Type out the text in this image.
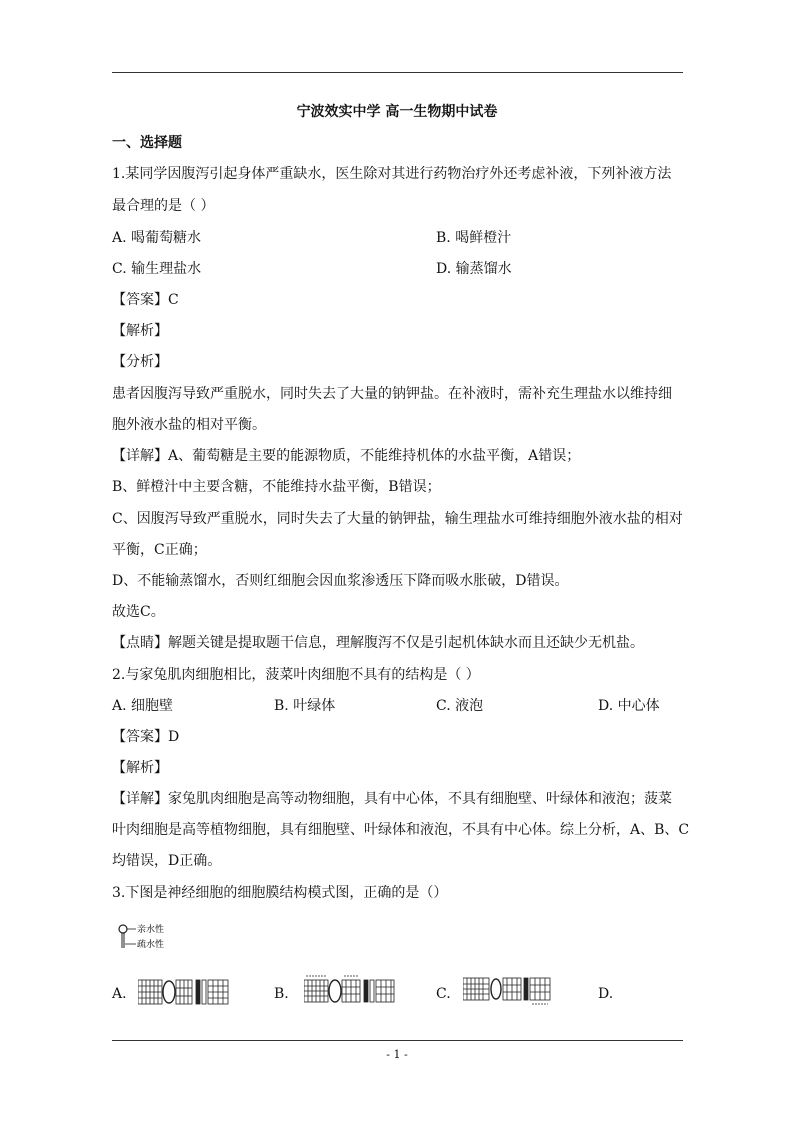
宁波效实中学 高一生物期中试卷
一、选择题
1.某同学因腹泻引起身体严重缺水，医生除对其进行药物治疗外还考虑补液，下列补液方法
最合理的是（ ）
A. 喝葡萄糖水	B. 喝鲜橙汁
C. 输生理盐水	D. 输蒸馏水
【答案】C
【解析】
【分析】
患者因腹泻导致严重脱水，同时失去了大量的钠钾盐。在补液时，需补充生理盐水以维持细
胞外液水盐的相对平衡。
【详解】A、葡萄糖是主要的能源物质，不能维持机体的水盐平衡，A错误；
B、鲜橙汁中主要含糖，不能维持水盐平衡，B错误；
C、因腹泻导致严重脱水，同时失去了大量的钠钾盐，输生理盐水可维持细胞外液水盐的相对
平衡，C正确；
D、不能输蒸馏水，否则红细胞会因血浆渗透压下降而吸水胀破，D错误。
故选C。
【点睛】解题关键是提取题干信息，理解腹泻不仅是引起机体缺水而且还缺少无机盐。
2.与家兔肌肉细胞相比，菠菜叶肉细胞不具有的结构是（ ）
A. 细胞壁	B. 叶绿体	C. 液泡	D. 中心体
【答案】D
【解析】
【详解】家兔肌肉细胞是高等动物细胞，具有中心体，不具有细胞壁、叶绿体和液泡；菠菜
叶肉细胞是高等植物细胞，具有细胞壁、叶绿体和液泡，不具有中心体。综上分析，A、B、C
均错误，D正确。
3.下图是神经细胞的细胞膜结构模式图，正确的是（）
亲水性
疏水性
A.	B.	C.	D.
- 1 -
